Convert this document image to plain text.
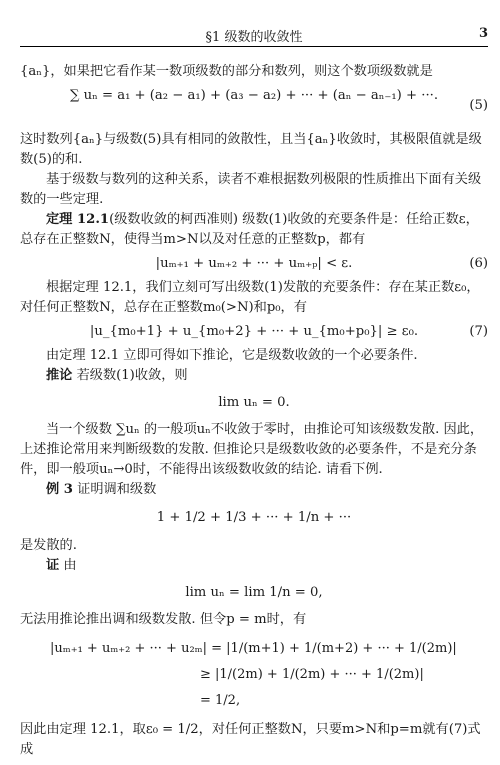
§1 级数的收敛性	3

{aₙ}，如果把它看作某一数项级数的部分和数列，则这个数项级数就是

∑ uₙ = a₁ + (a₂ − a₁) + (a₃ − a₂) + ··· + (aₙ − aₙ₋₁) + ···.
(5)

这时数列{aₙ}与级数(5)具有相同的敛散性，且当{aₙ}收敛时，其极限值就是级数(5)的和.

基于级数与数列的这种关系，读者不难根据数列极限的性质推出下面有关级数的一些定理.

定理 12.1(级数收敛的柯西准则) 级数(1)收敛的充要条件是：任给正数ε，总存在正整数N，使得当m>N以及对任意的正整数p，都有

|uₘ₊₁ + uₘ₊₂ + ··· + uₘ₊ₚ| < ε.	(6)

根据定理 12.1，我们立刻可写出级数(1)发散的充要条件：存在某正数ε₀，对任何正整数N，总存在正整数m₀(>N)和p₀，有

|u_{m₀+1} + u_{m₀+2} + ··· + u_{m₀+p₀}| ≥ ε₀.	(7)

由定理 12.1 立即可得如下推论，它是级数收敛的一个必要条件.

推论 若级数(1)收敛，则

lim uₙ = 0.

当一个级数 ∑uₙ 的一般项uₙ不收敛于零时，由推论可知该级数发散. 因此，上述推论常用来判断级数的发散. 但推论只是级数收敛的必要条件，不是充分条件，即一般项uₙ→0时，不能得出该级数收敛的结论. 请看下例.

例 3 证明调和级数

1 + 1/2 + 1/3 + ··· + 1/n + ···

是发散的.

证 由

lim uₙ = lim 1/n = 0,

无法用推论推出调和级数发散. 但令p = m时，有

|uₘ₊₁ + uₘ₊₂ + ··· + u₂ₘ| = |1/(m+1) + 1/(m+2) + ··· + 1/(2m)|
≥ |1/(2m) + 1/(2m) + ··· + 1/(2m)|
= 1/2,

因此由定理 12.1，取ε₀ = 1/2，对任何正整数N，只要m>N和p=m就有(7)式成
